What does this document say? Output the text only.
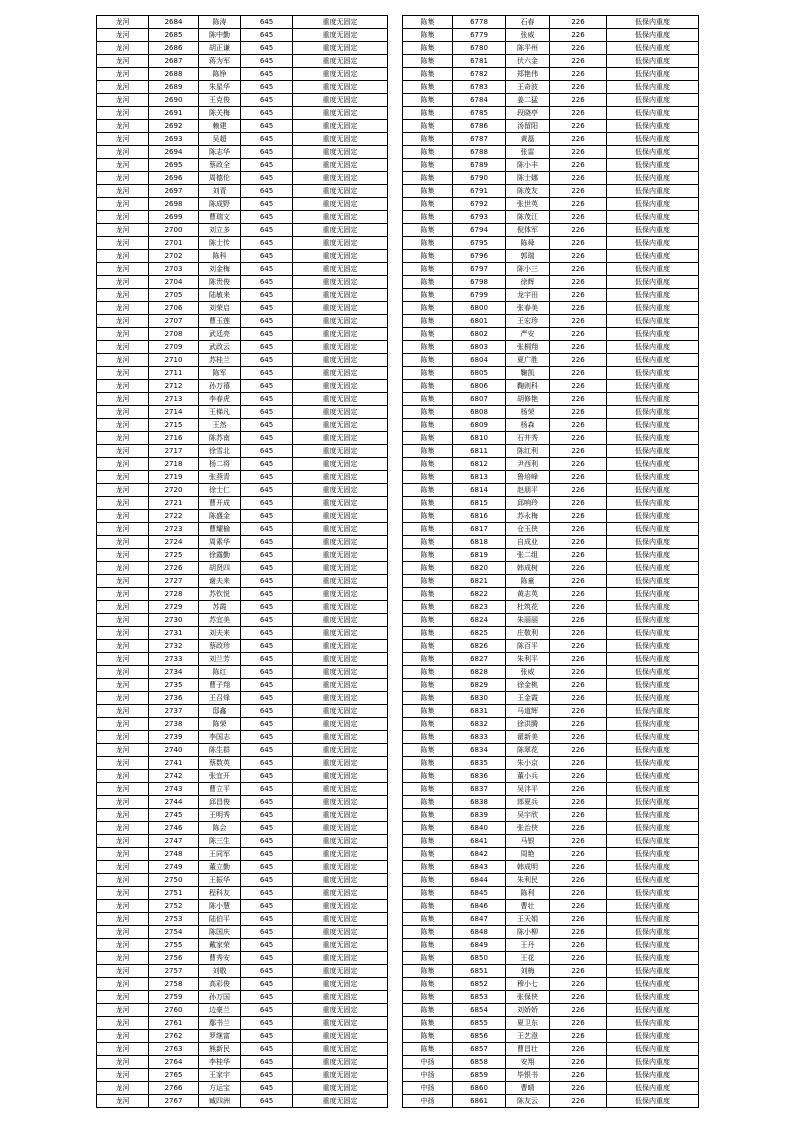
龙河	2684	陈涛	645	重度无固定
龙河	2685	陈中勤	645	重度无固定
龙河	2686	胡正谦	645	重度无固定
龙河	2687	蒋为军	645	重度无固定
龙河	2688	陈铮	645	重度无固定
龙河	2689	朱星华	645	重度无固定
龙河	2690	王克俊	645	重度无固定
龙河	2691	陈关梅	645	重度无固定
龙河	2692	赖建	645	重度无固定
龙河	2693	吴超	645	重度无固定
龙河	2694	陈志华	645	重度无固定
龙河	2695	蔡政全	645	重度无固定
龙河	2696	周德伦	645	重度无固定
龙河	2697	刘青	645	重度无固定
龙河	2698	陈成野	645	重度无固定
龙河	2699	曹瑞文	645	重度无固定
龙河	2700	刘立多	645	重度无固定
龙河	2701	陈士传	645	重度无固定
龙河	2702	陈科	645	重度无固定
龙河	2703	刘金梅	645	重度无固定
龙河	2704	陈贵俊	645	重度无固定
龙河	2705	陆敏来	645	重度无固定
龙河	2706	刘荣启	645	重度无固定
龙河	2707	曹玉莲	645	重度无固定
龙河	2708	武廷亮	645	重度无固定
龙河	2709	武政云	645	重度无固定
龙河	2710	苏桂兰	645	重度无固定
龙河	2711	陈军	645	重度无固定
龙河	2712	孙万禧	645	重度无固定
龙河	2713	李春虎	645	重度无固定
龙河	2714	王梯凡	645	重度无固定
龙河	2715	王然	645	重度无固定
龙河	2716	陈苏南	645	重度无固定
龙河	2717	徐雪北	645	重度无固定
龙河	2718	杨二将	645	重度无固定
龙河	2719	张燕青	645	重度无固定
龙河	2720	徐士仁	645	重度无固定
龙河	2721	曹开成	645	重度无固定
龙河	2722	陈盛金	645	重度无固定
龙河	2723	曹耀榆	645	重度无固定
龙河	2724	周素华	645	重度无固定
龙河	2725	徐露勤	645	重度无固定
龙河	2726	胡贤四	645	重度无固定
龙河	2727	谢夫来	645	重度无固定
龙河	2728	苏钦悦	645	重度无固定
龙河	2729	苏霞	645	重度无固定
龙河	2730	苏宜美	645	重度无固定
龙河	2731	刘夫来	645	重度无固定
龙河	2732	蔡政珍	645	重度无固定
龙河	2733	刘兰芳	645	重度无固定
龙河	2734	陈红	645	重度无固定
龙河	2735	曹子翔	645	重度无固定
龙河	2736	王召烽	645	重度无固定
龙河	2737	邸鑫	645	重度无固定
龙河	2738	陈荣	645	重度无固定
龙河	2739	李国志	645	重度无固定
龙河	2740	陈生群	645	重度无固定
龙河	2741	蔡数英	645	重度无固定
龙河	2742	张宜开	645	重度无固定
龙河	2743	曹立平	645	重度无固定
龙河	2744	邱昌俊	645	重度无固定
龙河	2745	王明秀	645	重度无固定
龙河	2746	陈会	645	重度无固定
龙河	2747	陈三生	645	重度无固定
龙河	2748	王同军	645	重度无固定
龙河	2749	董立勤	645	重度无固定
龙河	2750	王振华	645	重度无固定
龙河	2751	程科友	645	重度无固定
龙河	2752	陈小慧	645	重度无固定
龙河	2753	陆伯平	645	重度无固定
龙河	2754	陈国庆	645	重度无固定
龙河	2755	戴家荣	645	重度无固定
龙河	2756	曹秀安	645	重度无固定
龙河	2757	刘敬	645	重度无固定
龙河	2758	高彩俊	645	重度无固定
龙河	2759	孙万国	645	重度无固定
龙河	2760	边豪兰	645	重度无固定
龙河	2761	鄢书兰	645	重度无固定
龙河	2762	罗继富	645	重度无固定
龙河	2763	熊新民	645	重度无固定
龙河	2764	李桂华	645	重度无固定
龙河	2765	王家宇	645	重度无固定
龙河	2766	方运宝	645	重度无固定
龙河	2767	臧四洲	645	重度无固定
陈集	6778	石春	226	低保内重度
陈集	6779	张威	226	低保内重度
陈集	6780	陈平州	226	低保内重度
陈集	6781	伏六金	226	低保内重度
陈集	6782	郑艳伟	226	低保内重度
陈集	6783	王奇波	226	低保内重度
陈集	6784	姜二猛	226	低保内重度
陈集	6785	段晓亭	226	低保内重度
陈集	6786	汤留阳	226	低保内重度
陈集	6787	黄磊	226	低保内重度
陈集	6788	张雷	226	低保内重度
陈集	6789	陈小丰	226	低保内重度
陈集	6790	陈士娜	226	低保内重度
陈集	6791	陈茂友	226	低保内重度
陈集	6792	张世英	226	低保内重度
陈集	6793	陈茂江	226	低保内重度
陈集	6794	倪体军	226	低保内重度
陈集	6795	陈舜	226	低保内重度
陈集	6796	郭瑞	226	低保内重度
陈集	6797	陈小三	226	低保内重度
陈集	6798	徐辉	226	低保内重度
陈集	6799	龙宇田	226	低保内重度
陈集	6800	张春美	226	低保内重度
陈集	6801	王宏珍	226	低保内重度
陈集	6802	严安	226	低保内重度
陈集	6803	张桐翔	226	低保内重度
陈集	6804	夏广胜	226	低保内重度
陈集	6805	鞠凯	226	低保内重度
陈集	6806	鞠则科	226	低保内重度
陈集	6807	胡修艳	226	低保内重度
陈集	6808	杨荣	226	低保内重度
陈集	6809	杨森	226	低保内重度
陈集	6810	石井秀	226	低保内重度
陈集	6811	陈红利	226	低保内重度
陈集	6812	尹西利	226	低保内重度
陈集	6813	鲁培峰	226	低保内重度
陈集	6814	赵朋平	226	低保内重度
陈集	6815	邱响玲	226	低保内重度
陈集	6816	苏永梅	226	低保内重度
陈集	6817	仓玉侠	226	低保内重度
陈集	6818	自成业	226	低保内重度
陈集	6819	张二组	226	低保内重度
陈集	6820	韩成树	226	低保内重度
陈集	6821	陈童	226	低保内重度
陈集	6822	黄志英	226	低保内重度
陈集	6823	杜筑花	226	低保内重度
陈集	6824	朱丽丽	226	低保内重度
陈集	6825	庄敬利	226	低保内重度
陈集	6826	陈百平	226	低保内重度
陈集	6827	朱利平	226	低保内重度
陈集	6828	张威	226	低保内重度
陈集	6829	徐金桃	226	低保内重度
陈集	6830	王金霞	226	低保内重度
陈集	6831	马道辉	226	低保内重度
陈集	6832	徐洪腾	226	低保内重度
陈集	6833	翟新美	226	低保内重度
陈集	6834	陈翠花	226	低保内重度
陈集	6835	朱小京	226	低保内重度
陈集	6836	董小兵	226	低保内重度
陈集	6837	吴沣平	226	低保内重度
陈集	6838	郎夏兵	226	低保内重度
陈集	6839	吴宇欣	226	低保内重度
陈集	6840	张治侠	226	低保内重度
陈集	6841	马银	226	低保内重度
陈集	6842	周艳	226	低保内重度
陈集	6843	韩成明	226	低保内重度
陈集	6844	朱利民	226	低保内重度
陈集	6845	陈利	226	低保内重度
陈集	6846	曹壮	226	低保内重度
陈集	6847	王天娟	226	低保内重度
陈集	6848	陈小柳	226	低保内重度
陈集	6849	王丹	226	低保内重度
陈集	6850	王花	226	低保内重度
陈集	6851	刘梅	226	低保内重度
陈集	6852	穆小七	226	低保内重度
陈集	6853	张保侠	226	低保内重度
陈集	6854	刘娇娇	226	低保内重度
陈集	6855	夏卫东	226	低保内重度
陈集	6856	王艺澄	226	低保内重度
陈集	6857	曹昌壮	226	低保内重度
中扬	6858	安翔	226	低保内重度
中扬	6859	毕银书	226	低保内重度
中扬	6860	曹晴	226	低保内重度
中扬	6861	陈友云	226	低保内重度
